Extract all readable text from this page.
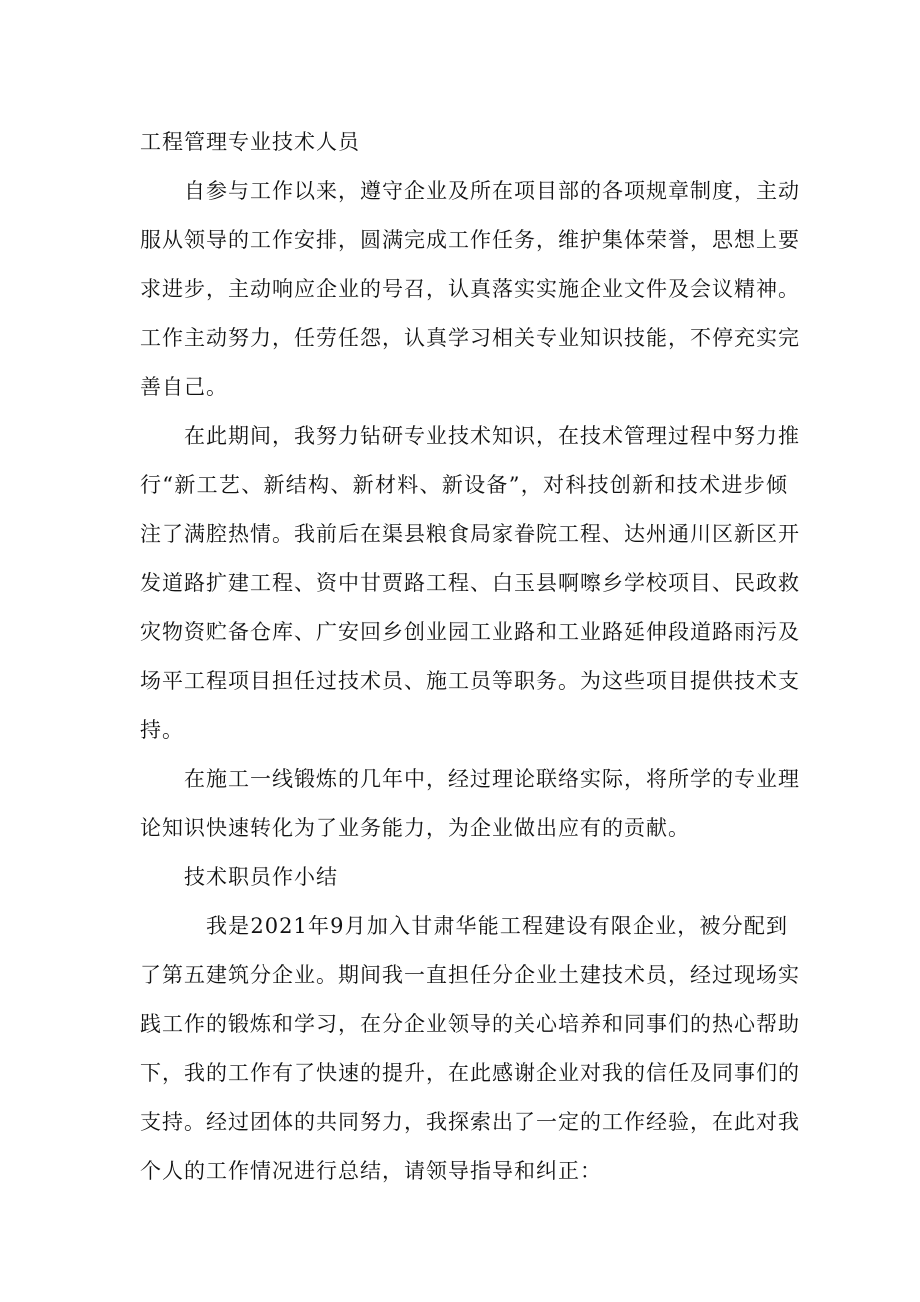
工程管理专业技术人员
自参与工作以来，遵守企业及所在项目部的各项规章制度，主动
服从领导的工作安排，圆满完成工作任务，维护集体荣誉，思想上要
求进步，主动响应企业的号召，认真落实实施企业文件及会议精神。
工作主动努力，任劳任怨，认真学习相关专业知识技能，不停充实完
善自己。
在此期间，我努力钻研专业技术知识，在技术管理过程中努力推
行“新工艺、新结构、新材料、新设备”，对科技创新和技术进步倾
注了满腔热情。我前后在渠县粮食局家眷院工程、达州通川区新区开
发道路扩建工程、资中甘贾路工程、白玉县啊嚓乡学校项目、民政救
灾物资贮备仓库、广安回乡创业园工业路和工业路延伸段道路雨污及
场平工程项目担任过技术员、施工员等职务。为这些项目提供技术支
持。
在施工一线锻炼的几年中，经过理论联络实际，将所学的专业理
论知识快速转化为了业务能力，为企业做出应有的贡献。
技术职员作小结
我是2021年9月加入甘肃华能工程建设有限企业，被分配到
了第五建筑分企业。期间我一直担任分企业土建技术员，经过现场实
践工作的锻炼和学习，在分企业领导的关心培养和同事们的热心帮助
下，我的工作有了快速的提升，在此感谢企业对我的信任及同事们的
支持。经过团体的共同努力，我探索出了一定的工作经验，在此对我
个人的工作情况进行总结，请领导指导和纠正：
